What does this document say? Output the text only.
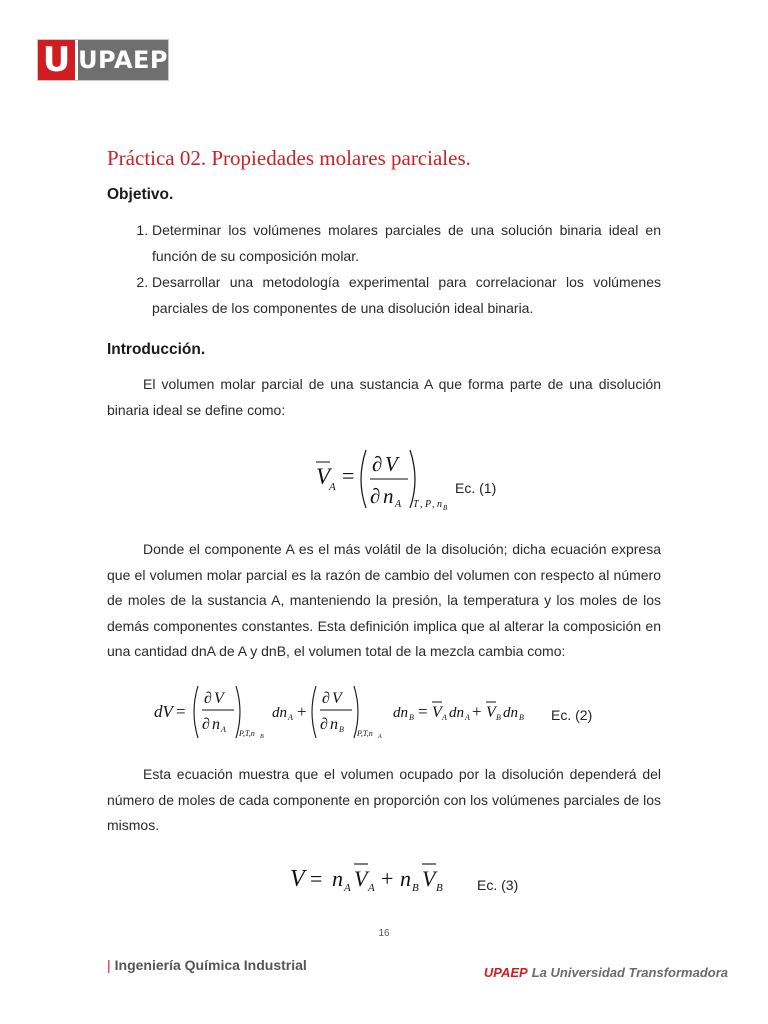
U UPAEP
Práctica 02. Propiedades molares parciales.
Objetivo.
1. Determinar los volúmenes molares parciales de una solución binaria ideal en función de su composición molar.
2. Desarrollar una metodología experimental para correlacionar los volúmenes parciales de los componentes de una disolución ideal binaria.
Introducción.

El volumen molar parcial de una sustancia A que forma parte de una disolución binaria ideal se define como:

V
A = ∂ V
∂ n A T , P , n B
Ec. (1)

Donde el componente A es el más volátil de la disolución; dicha ecuación expresa que el volumen molar parcial es la razón de cambio del volumen con respecto al número de moles de la sustancia A, manteniendo la presión, la temperatura y los moles de los demás componentes constantes. Esta definición implica que al alterar la composición en una cantidad dnA de A y dnB, el volumen total de la mezcla cambia como:

dV =
∂ V
∂ n A P,T,n B
dn A +
∂ V
∂ n B P,T,n A
dn B = V A dn A + V B dn B Ec. (2)

Esta ecuación muestra que el volumen ocupado por la disolución dependerá del número de moles de cada componente en proporción con los volúmenes parciales de los mismos.

V = n A V A + n B V B Ec. (3)
16
| Ingeniería Química Industrial	UPAEP La Universidad Transformadora
